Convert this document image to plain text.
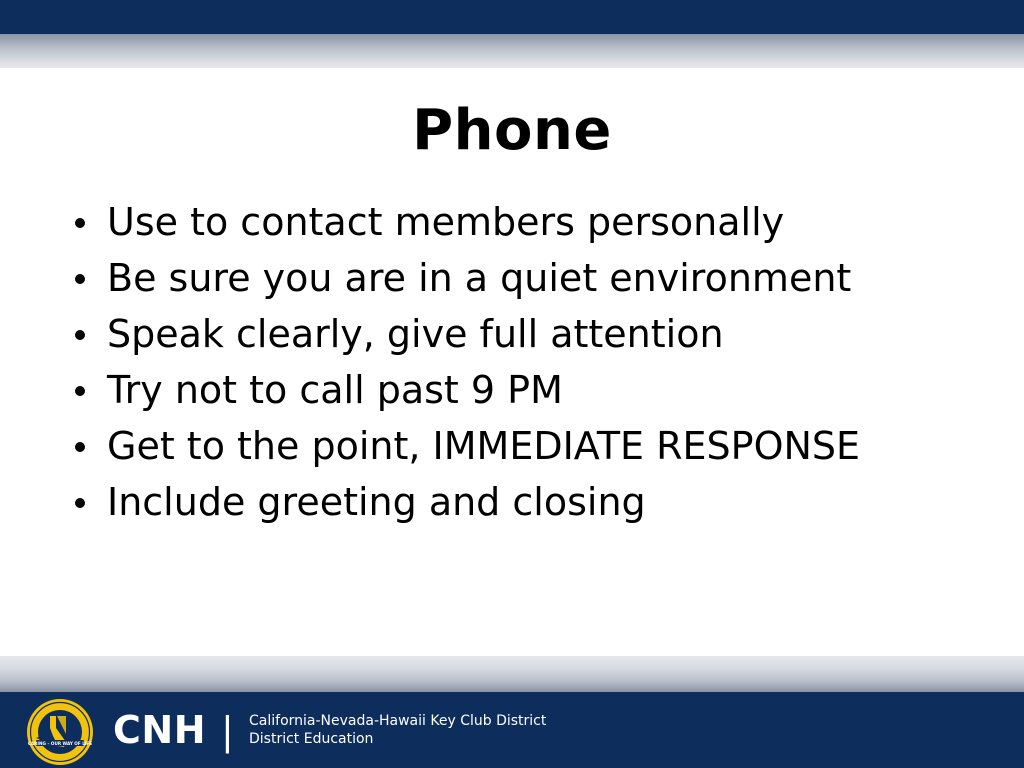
Phone
Use to contact members personally
Be sure you are in a quiet environment
Speak clearly, give full attention
Try not to call past 9 PM
Get to the point, IMMEDIATE RESPONSE
Include greeting and closing
CARING – OUR WAY OF LIFE CNH | California-Nevada-Hawaii Key Club District
District Education
